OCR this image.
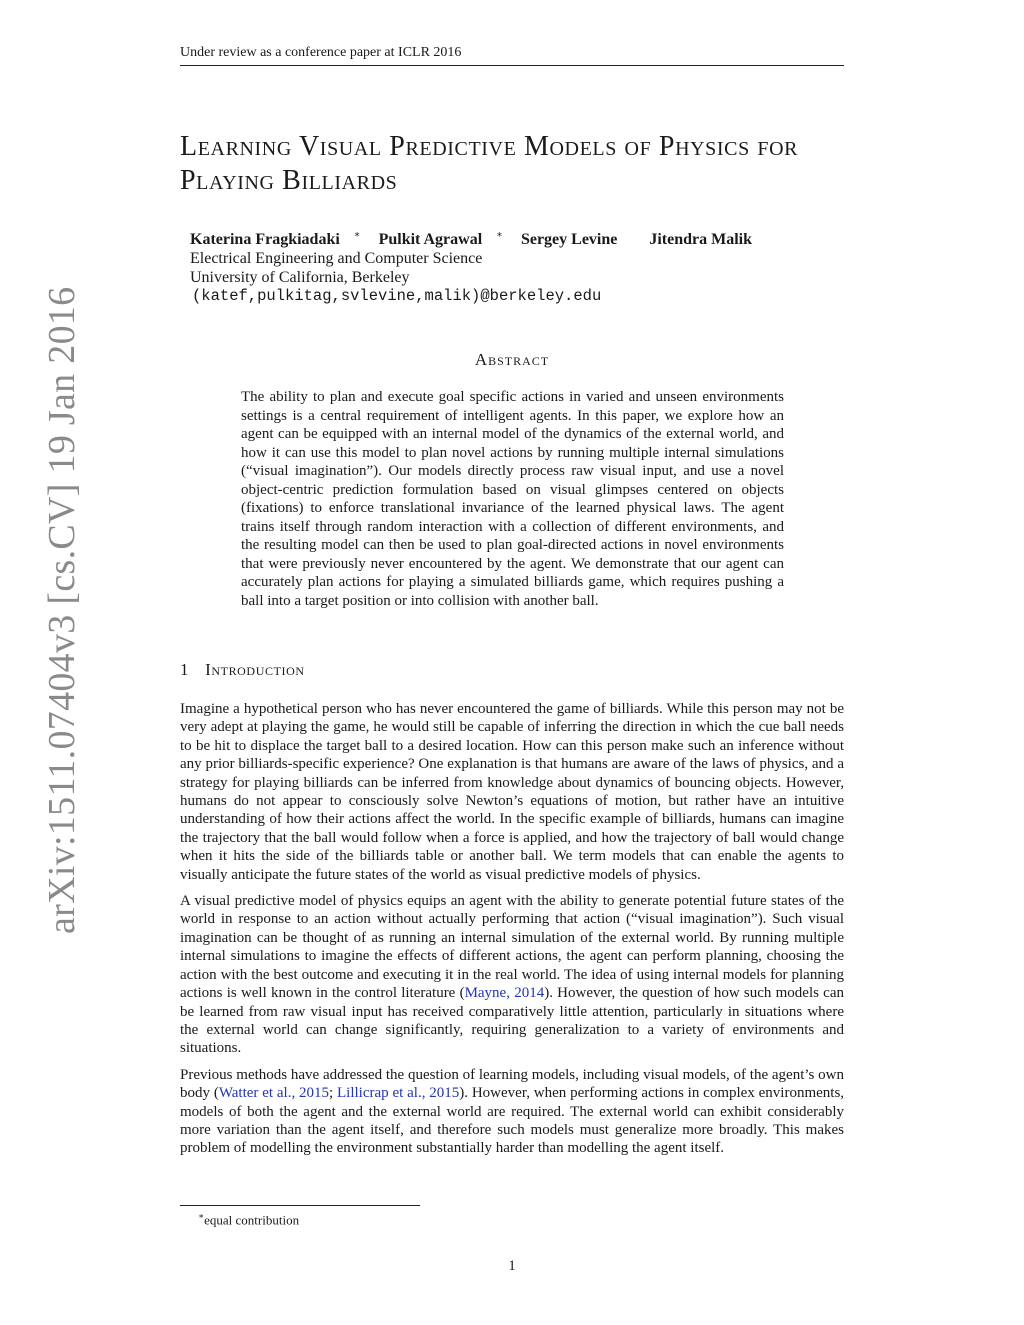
Under review as a conference paper at ICLR 2016
arXiv:1511.07404v3 [cs.CV] 19 Jan 2016
Learning Visual Predictive Models of Physics for Playing Billiards
Katerina Fragkiadaki ∗ Pulkit Agrawal ∗ Sergey Levine Jitendra Malik
Electrical Engineering and Computer Science
University of California, Berkeley
(katef,pulkitag,svlevine,malik)@berkeley.edu
Abstract

The ability to plan and execute goal specific actions in varied and unseen environments settings is a central requirement of intelligent agents. In this paper, we explore how an agent can be equipped with an internal model of the dynamics of the external world, and how it can use this model to plan novel actions by running multiple internal simulations (“visual imagination”). Our models directly process raw visual input, and use a novel object-centric prediction formulation based on visual glimpses centered on objects (fixations) to enforce translational invariance of the learned physical laws. The agent trains itself through random interaction with a collection of different environments, and the resulting model can then be used to plan goal-directed actions in novel environments that were previously never encountered by the agent. We demonstrate that our agent can accurately plan actions for playing a simulated billiards game, which requires pushing a ball into a target position or into collision with another ball.

1 Introduction

Imagine a hypothetical person who has never encountered the game of billiards. While this person may not be very adept at playing the game, he would still be capable of inferring the direction in which the cue ball needs to be hit to displace the target ball to a desired location. How can this person make such an inference without any prior billiards-specific experience? One explanation is that humans are aware of the laws of physics, and a strategy for playing billiards can be inferred from knowledge about dynamics of bouncing objects. However, humans do not appear to consciously solve Newton’s equations of motion, but rather have an intuitive understanding of how their actions affect the world. In the specific example of billiards, humans can imagine the trajectory that the ball would follow when a force is applied, and how the trajectory of ball would change when it hits the side of the billiards table or another ball. We term models that can enable the agents to visually anticipate the future states of the world as visual predictive models of physics.

A visual predictive model of physics equips an agent with the ability to generate potential future states of the world in response to an action without actually performing that action (“visual imagination”). Such visual imagination can be thought of as running an internal simulation of the external world. By running multiple internal simulations to imagine the effects of different actions, the agent can perform planning, choosing the action with the best outcome and executing it in the real world. The idea of using internal models for planning actions is well known in the control literature (Mayne, 2014). However, the question of how such models can be learned from raw visual input has received comparatively little attention, particularly in situations where the external world can change significantly, requiring generalization to a variety of environments and situations.

Previous methods have addressed the question of learning models, including visual models, of the agent’s own body (Watter et al., 2015; Lillicrap et al., 2015). However, when performing actions in complex environments, models of both the agent and the external world are required. The external world can exhibit considerably more variation than the agent itself, and therefore such models must generalize more broadly. This makes problem of modelling the environment substantially harder than modelling the agent itself.

∗equal contribution
1
